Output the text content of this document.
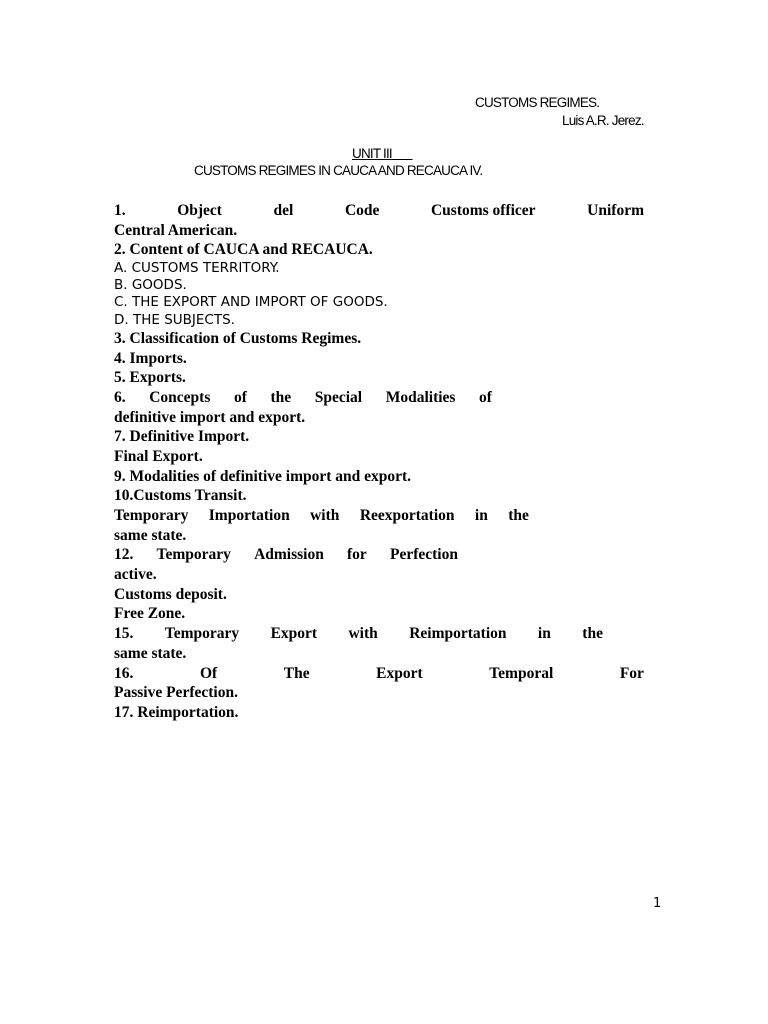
CUSTOMS REGIMES.
Luis A.R. Jerez.
UNIT III
CUSTOMS REGIMES IN CAUCA AND RECAUCA IV.
1.	Object	del	Code	Customs officer	Uniform
Central American.
2. Content of CAUCA and RECAUCA.
A. CUSTOMS TERRITORY.
B. GOODS.
C. THE EXPORT AND IMPORT OF GOODS.
D. THE SUBJECTS.
3. Classification of Customs Regimes.
4. Imports.
5. Exports.
6. Concepts of the Special Modalities of
definitive import and export.
7. Definitive Import.
Final Export.
9. Modalities of definitive import and export.
10.Customs Transit.
Temporary Importation with Reexportation in the
same state.
12. Temporary Admission for Perfection
active.
Customs deposit.
Free Zone.
15. Temporary Export with Reimportation in the
same state.
16.	Of	The	Export	Temporal	For
Passive Perfection.
17. Reimportation.
1
